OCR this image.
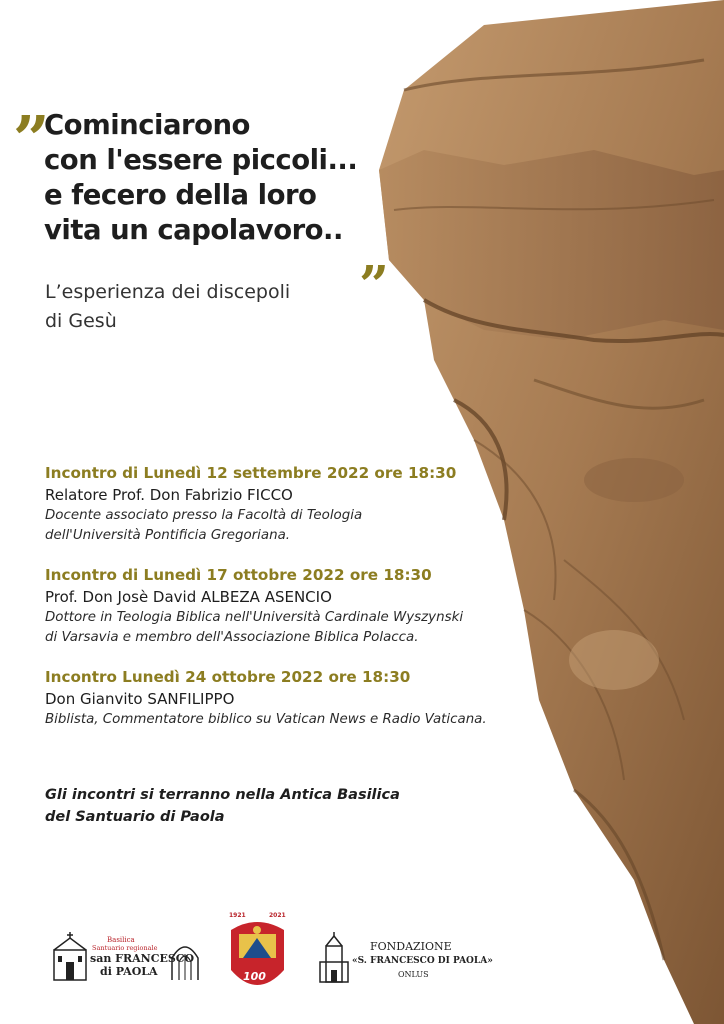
„
Cominciarono
con l'essere piccoli...
e fecero della loro
vita un capolavoro.. „
L’esperienza dei discepoli
di Gesù
Incontro di Lunedì 12 settembre 2022 ore 18:30
Relatore Prof. Don Fabrizio FICCO
Docente associato presso la Facoltà di Teologia
dell'Università Pontificia Gregoriana.
Incontro di Lunedì 17 ottobre 2022 ore 18:30
Prof. Don Josè David ALBEZA ASENCIO
Dottore in Teologia Biblica nell'Università Cardinale Wyszynski
di Varsavia e membro dell'Associazione Biblica Polacca.
Incontro Lunedì 24 ottobre 2022 ore 18:30
Don Gianvito SANFILIPPO
Biblista, Commentatore biblico su Vatican News e Radio Vaticana.
Gli incontri si terranno nella Antica Basilica
del Santuario di Paola
Basilica
Santuario regionale
san FRANCESCO
di PAOLA
1921	2021
100
FONDAZIONE
«S. FRANCESCO DI PAOLA»
ONLUS
